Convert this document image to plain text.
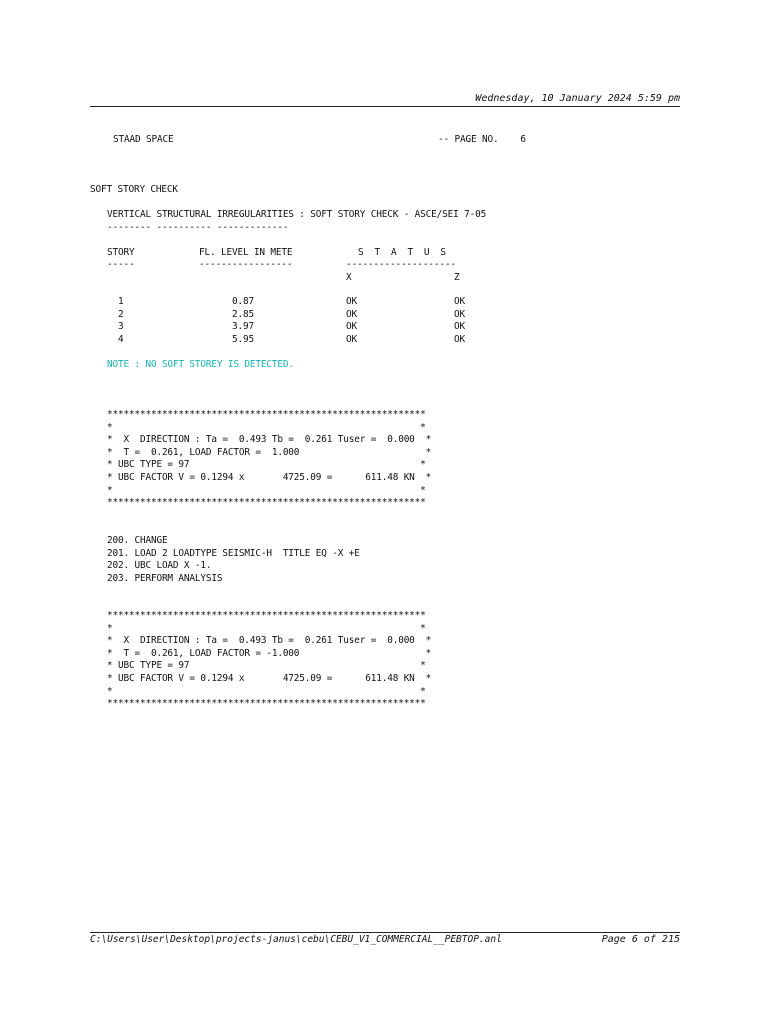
Wednesday, 10 January 2024 5:59 pm
STAAD SPACE	-- PAGE NO.    6
SOFT STORY CHECK
VERTICAL STRUCTURAL IRREGULARITIES : SOFT STORY CHECK - ASCE/SEI 7-05
-------- ---------- -------------
STORY	FL. LEVEL IN METE	S  T  A  T  U  S
-----	-----------------	--------------------
X	Z
1	0.87	OK	OK
2	2.85	OK	OK
3	3.97	OK	OK
4	5.95	OK	OK
NOTE : NO SOFT STOREY IS DETECTED.
**********************************************************
*                                                        *
*  X  DIRECTION : Ta =  0.493 Tb =  0.261 Tuser =  0.000  *
*  T =  0.261, LOAD FACTOR =  1.000                       *
* UBC TYPE = 97                                          *
* UBC FACTOR V = 0.1294 x       4725.09 =      611.48 KN  *
*                                                        *
**********************************************************
200. CHANGE
201. LOAD 2 LOADTYPE SEISMIC-H  TITLE EQ -X +E
202. UBC LOAD X -1.
203. PERFORM ANALYSIS
**********************************************************
*                                                        *
*  X  DIRECTION : Ta =  0.493 Tb =  0.261 Tuser =  0.000  *
*  T =  0.261, LOAD FACTOR = -1.000                       *
* UBC TYPE = 97                                          *
* UBC FACTOR V = 0.1294 x       4725.09 =      611.48 KN  *
*                                                        *
**********************************************************
C:\Users\User\Desktop\projects-janus\cebu\CEBU_V1_COMMERCIAL__PEBTOP.anl	Page 6 of 215
